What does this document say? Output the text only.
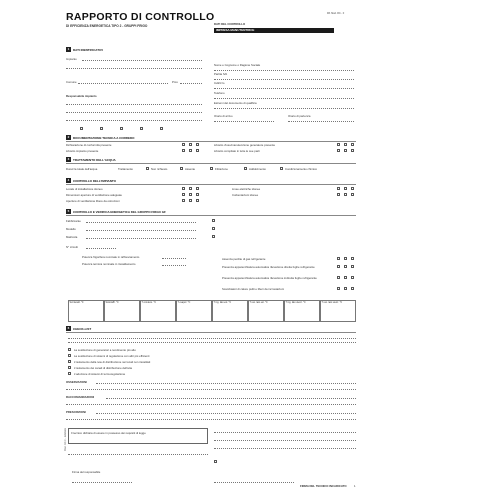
RAPPORTO DI CONTROLLO
DI EFFICIENZA ENERGETICA TIPO 2 - GRUPPI FRIGO
Rif. Mod. RC - F
DATI DEL CONTROLLO
IMPRESA MANUTENTRICE
1	DATI IDENTIFICATIVI
Impianto
Comune	Prov.
Responsabile impianto
Nome e Cognome o Ragione Sociale
Partita IVA
Indirizzo
Telefono
Estremi del documento di qualifica
Orario di arrivo	Orario di partenza
2	DOCUMENTAZIONE TECNICA A CORREDO
Dichiarazione di conformità presente
Libretto impianto presente
Libretto d'uso/manutenzione generatore presente
Libretto compilato in tutte le sue parti
3	TRATTAMENTO DELL'ACQUA
Durezza totale dell'acqua	Trattamento	Non richiesto	Assente	Filtrazione	Addolcimento	Condizionamento chimico
4	CONTROLLO DELL'IMPIANTO
Locale di installazione idoneo
Dimensioni aperture di ventilazione adeguate
Aperture di ventilazione libere da ostruzioni
Linee elettriche idonee
Coibentazioni idonee
5	CONTROLLO E VERIFICA ENERGETICA DEL GRUPPO FRIGO GF
Fabbricante
Modello
Matricola
N° circuiti
Potenza frigorifera nominale in raffrescamento
Potenza termica nominale in riscaldamento
Assenza perdite di gas refrigerante
Presenza apparecchiatura automatica rilevazione diretta fughe refrigerante
Presenza apparecchiatura automatica rilevazione indiretta fughe refrigerante
Scambiatori di calore puliti e liberi da incrostazioni
Surriscald. °C	Sottoraffr. °C	T condens. °C	T evapor. °C	T ing. lato est. °C	T usc. lato est. °C	T ing. lato utenz. °C	T usc. lato utenz. °C
6	CHECK-LIST
La sostituzione di generatori a rendimento più alto
La sostituzione di sistemi di regolazione con altri più efficienti
L'isolamento della rete di distribuzione nei locali non riscaldati
L'isolamento dei canali di distribuzione dell'aria
L'adozione di sistemi di termoregolazione
OSSERVAZIONI
RACCOMANDAZIONI
PRESCRIZIONI
Il tecnico dichiara di essere in possesso dei requisiti di legge
Firma del responsabile
FIRMA DEL TECNICO INCARICATO	1
Mod. RC-F - Edizione
